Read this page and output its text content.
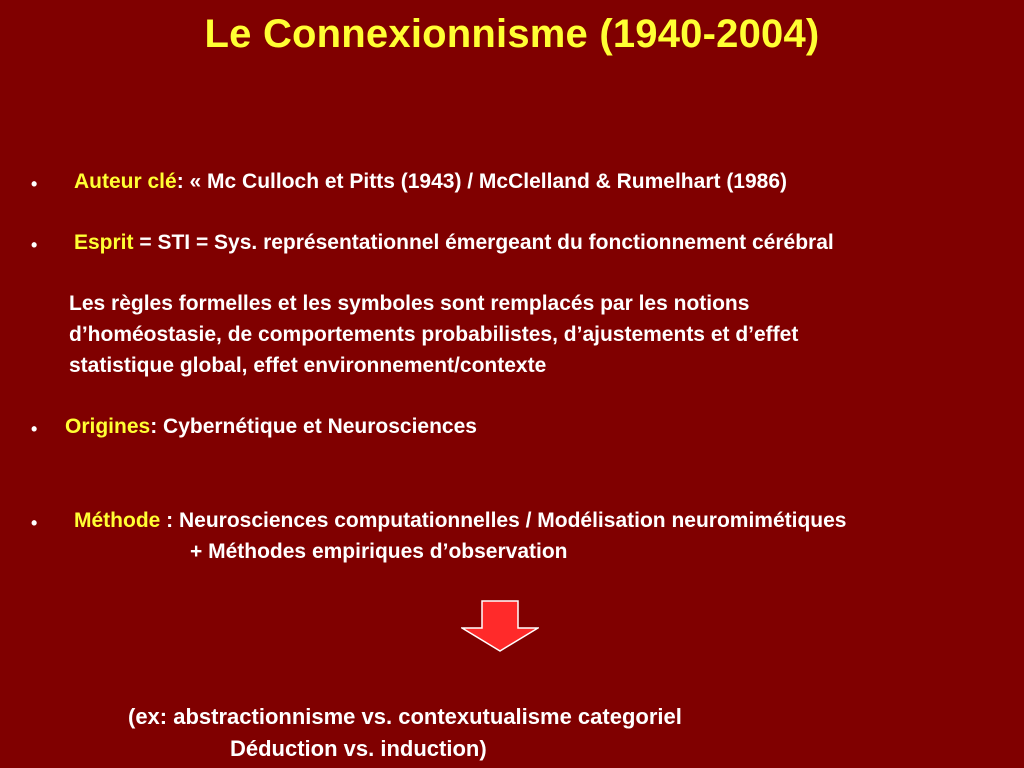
Le Connexionnisme (1940-2004)
• Auteur clé: « Mc Culloch et Pitts (1943) / McClelland & Rumelhart (1986)
• Esprit = STI = Sys. représentationnel émergeant du fonctionnement cérébral
Les règles formelles et les symboles sont remplacés par les notions
d’homéostasie, de comportements probabilistes, d’ajustements et d’effet
statistique global, effet environnement/contexte
• Origines: Cybernétique et Neurosciences
• Méthode : Neurosciences computationnelles / Modélisation neuromimétiques
+ Méthodes empiriques d’observation
(ex: abstractionnisme vs. contexutualisme categoriel
Déduction vs. induction)
